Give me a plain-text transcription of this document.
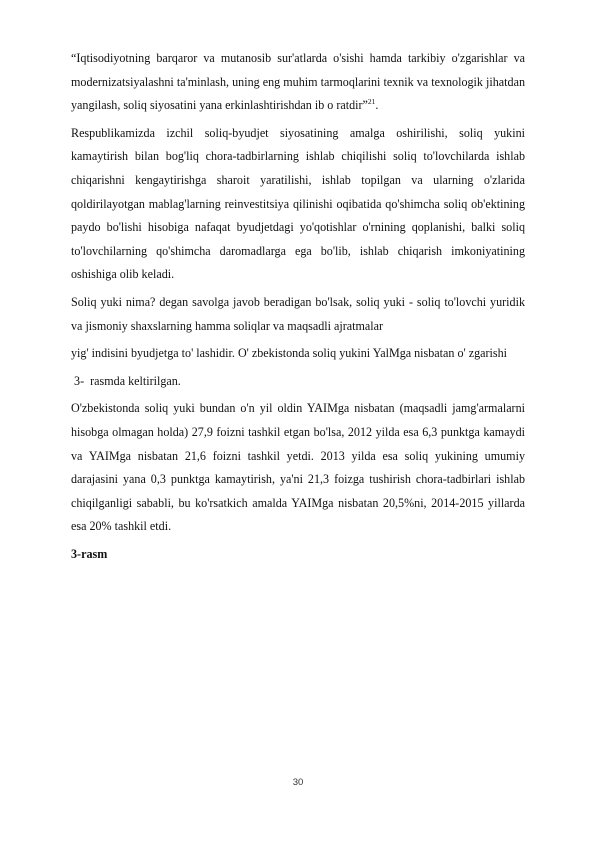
“Iqtisodiyotning barqaror va mutanosib sur'atlarda o'sishi hamda tarkibiy o'zgarishlar va modernizatsiyalashni ta'minlash, uning eng muhim tarmoqlarini texnik va texnologik jihatdan yangilash, soliq siyosatini yana erkinlashtirishdan ib o ratdir”$^{21}$.

Respublikamizda izchil soliq-byudjet siyosatining amalga oshirilishi, soliq yukini kamaytirish bilan bog'liq chora-tadbirlarning ishlab chiqilishi soliq to'lovchilarda ishlab chiqarishni kengaytirishga sharoit yaratilishi, ishlab topilgan va ularning o'zlarida qoldirilayotgan mablag'larning reinvestitsiya qilinishi oqibatida qo'shimcha soliq ob'ektining paydo bo'lishi hisobiga nafaqat byudjetdagi yo'qotishlar o'rnining qoplanishi, balki soliq to'lovchilarning qo'shimcha daromadlarga ega bo'lib, ishlab chiqarish imkoniyatining oshishiga olib keladi.

Soliq yuki nima? degan savolga javob beradigan bo'lsak, soliq yuki - soliq to'lovchi yuridik va jismoniy shaxslarning hamma soliqlar va maqsadli ajratmalar

yig' indisini byudjetga to' lashidir. O' zbekistonda soliq yukini YalMga nisbatan o' zgarishi

3-  rasmda keltirilgan.

O'zbekistonda soliq yuki bundan o'n yil oldin YAIMga nisbatan (maqsadli jamg'armalarni hisobga olmagan holda) 27,9 foizni tashkil etgan bo'lsa, 2012 yilda esa 6,3 punktga kamaydi va YAIMga nisbatan 21,6 foizni tashkil yetdi. 2013 yilda esa soliq yukining umumiy darajasini yana 0,3 punktga kamaytirish, ya'ni 21,3 foizga tushirish chora-tadbirlari ishlab chiqilganligi sababli, bu ko'rsatkich amalda YAIMga nisbatan 20,5%ni, 2014-2015 yillarda esa 20% tashkil etdi.

3-rasm

30
